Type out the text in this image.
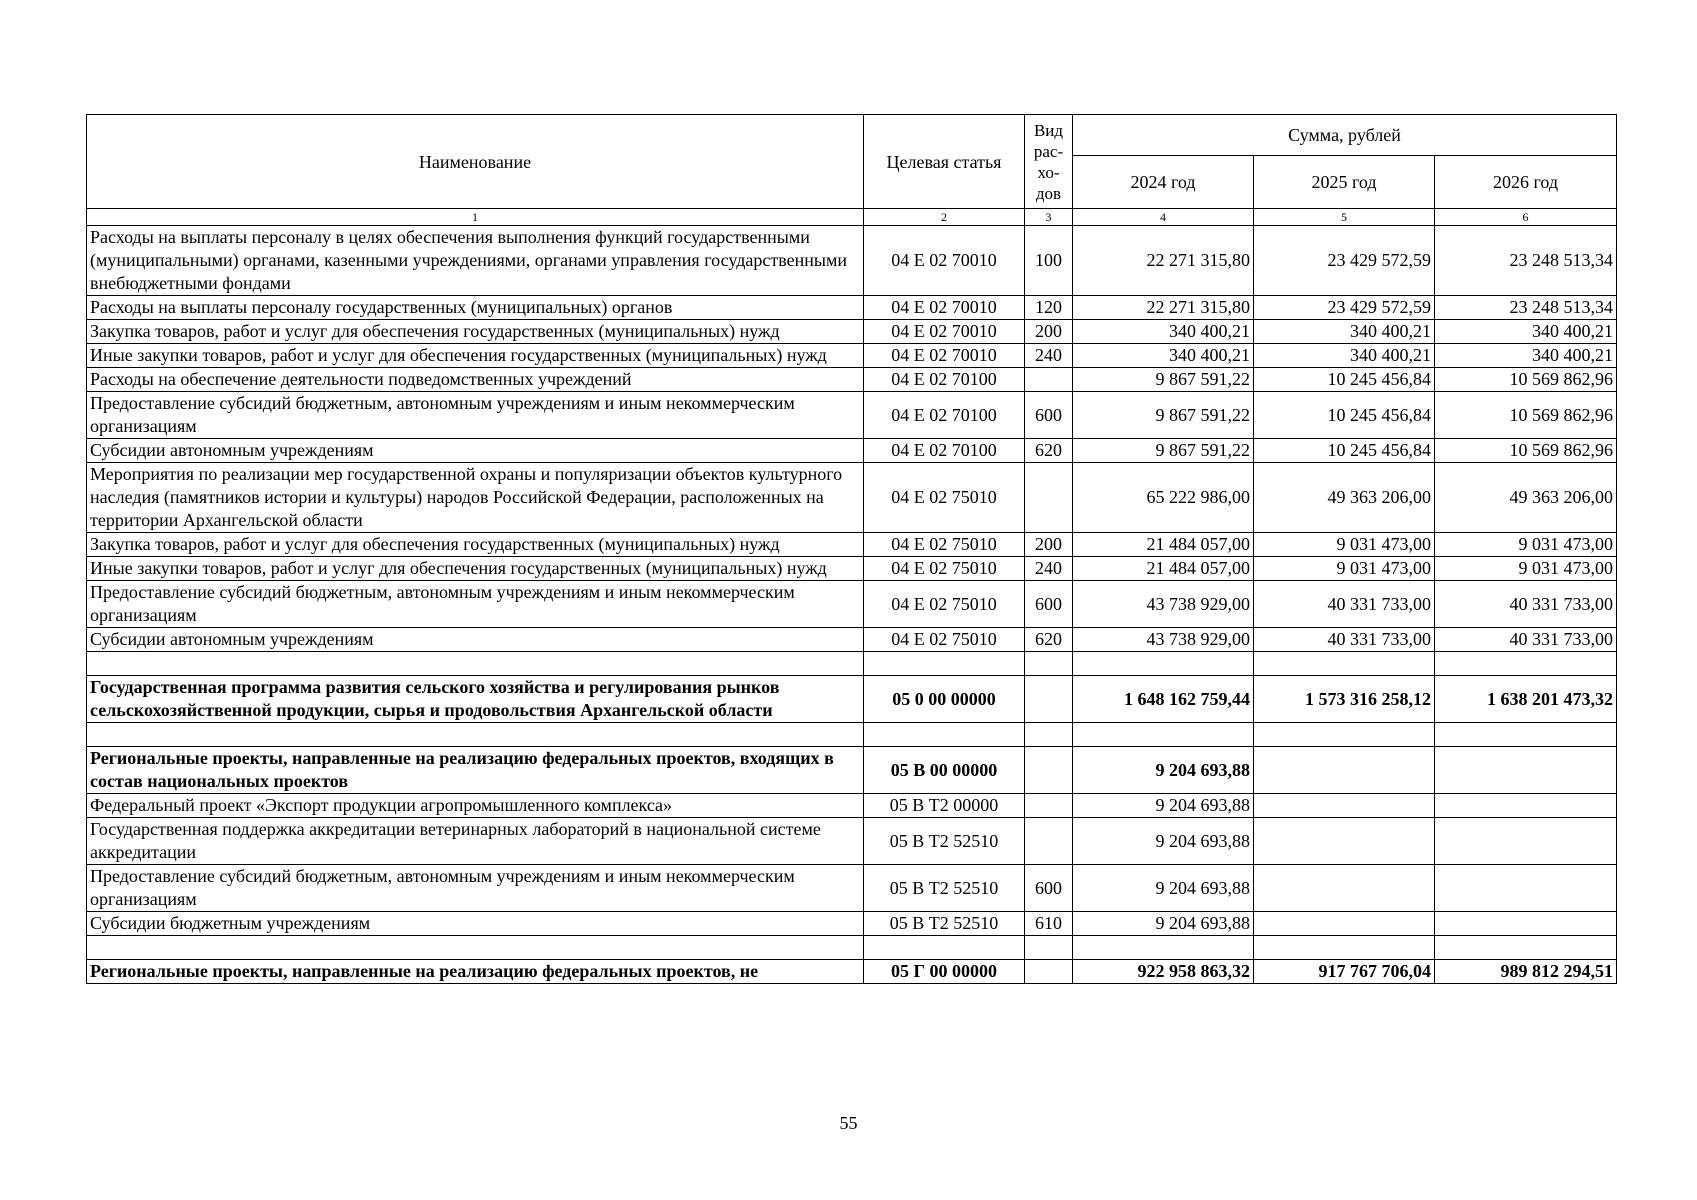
Наименование	Целевая статья	Вид рас-хо-дов	Сумма, рублей		
			2024 год	2025 год	2026 год
1	2	3	4	5	6
Расходы на выплаты персоналу в целях обеспечения выполнения функций государственными (муниципальными) органами, казенными учреждениями, органами управления государственными внебюджетными фондами	04 Е 02 70010	100	22 271 315,80	23 429 572,59	23 248 513,34
Расходы на выплаты персоналу государственных (муниципальных) органов	04 Е 02 70010	120	22 271 315,80	23 429 572,59	23 248 513,34
Закупка товаров, работ и услуг для обеспечения государственных (муниципальных) нужд	04 Е 02 70010	200	340 400,21	340 400,21	340 400,21
Иные закупки товаров, работ и услуг для обеспечения государственных (муниципальных) нужд	04 Е 02 70010	240	340 400,21	340 400,21	340 400,21
Расходы на обеспечение деятельности подведомственных учреждений	04 Е 02 70100		9 867 591,22	10 245 456,84	10 569 862,96
Предоставление субсидий бюджетным, автономным учреждениям и иным некоммерческим организациям	04 Е 02 70100	600	9 867 591,22	10 245 456,84	10 569 862,96
Субсидии автономным учреждениям	04 Е 02 70100	620	9 867 591,22	10 245 456,84	10 569 862,96
Мероприятия по реализации мер государственной охраны и популяризации объектов культурного наследия (памятников истории и культуры) народов Российской Федерации, расположенных на территории Архангельской области	04 Е 02 75010		65 222 986,00	49 363 206,00	49 363 206,00
Закупка товаров, работ и услуг для обеспечения государственных (муниципальных) нужд	04 Е 02 75010	200	21 484 057,00	9 031 473,00	9 031 473,00
Иные закупки товаров, работ и услуг для обеспечения государственных (муниципальных) нужд	04 Е 02 75010	240	21 484 057,00	9 031 473,00	9 031 473,00
Предоставление субсидий бюджетным, автономным учреждениям и иным некоммерческим организациям	04 Е 02 75010	600	43 738 929,00	40 331 733,00	40 331 733,00
Субсидии автономным учреждениям	04 Е 02 75010	620	43 738 929,00	40 331 733,00	40 331 733,00

Государственная программа развития сельского хозяйства и регулирования рынков сельскохозяйственной продукции, сырья и продовольствия Архангельской области	05 0 00 00000		1 648 162 759,44	1 573 316 258,12	1 638 201 473,32

Региональные проекты, направленные на реализацию федеральных проектов, входящих в состав национальных проектов	05 В 00 00000		9 204 693,88		
Федеральный проект «Экспорт продукции агропромышленного комплекса»	05 В Т2 00000		9 204 693,88		
Государственная поддержка аккредитации ветеринарных лабораторий в национальной системе аккредитации	05 В Т2 52510		9 204 693,88		
Предоставление субсидий бюджетным, автономным учреждениям и иным некоммерческим организациям	05 В Т2 52510	600	9 204 693,88		
Субсидии бюджетным учреждениям	05 В Т2 52510	610	9 204 693,88		

Региональные проекты, направленные на реализацию федеральных проектов, не	05 Г 00 00000		922 958 863,32	917 767 706,04	989 812 294,51
55
